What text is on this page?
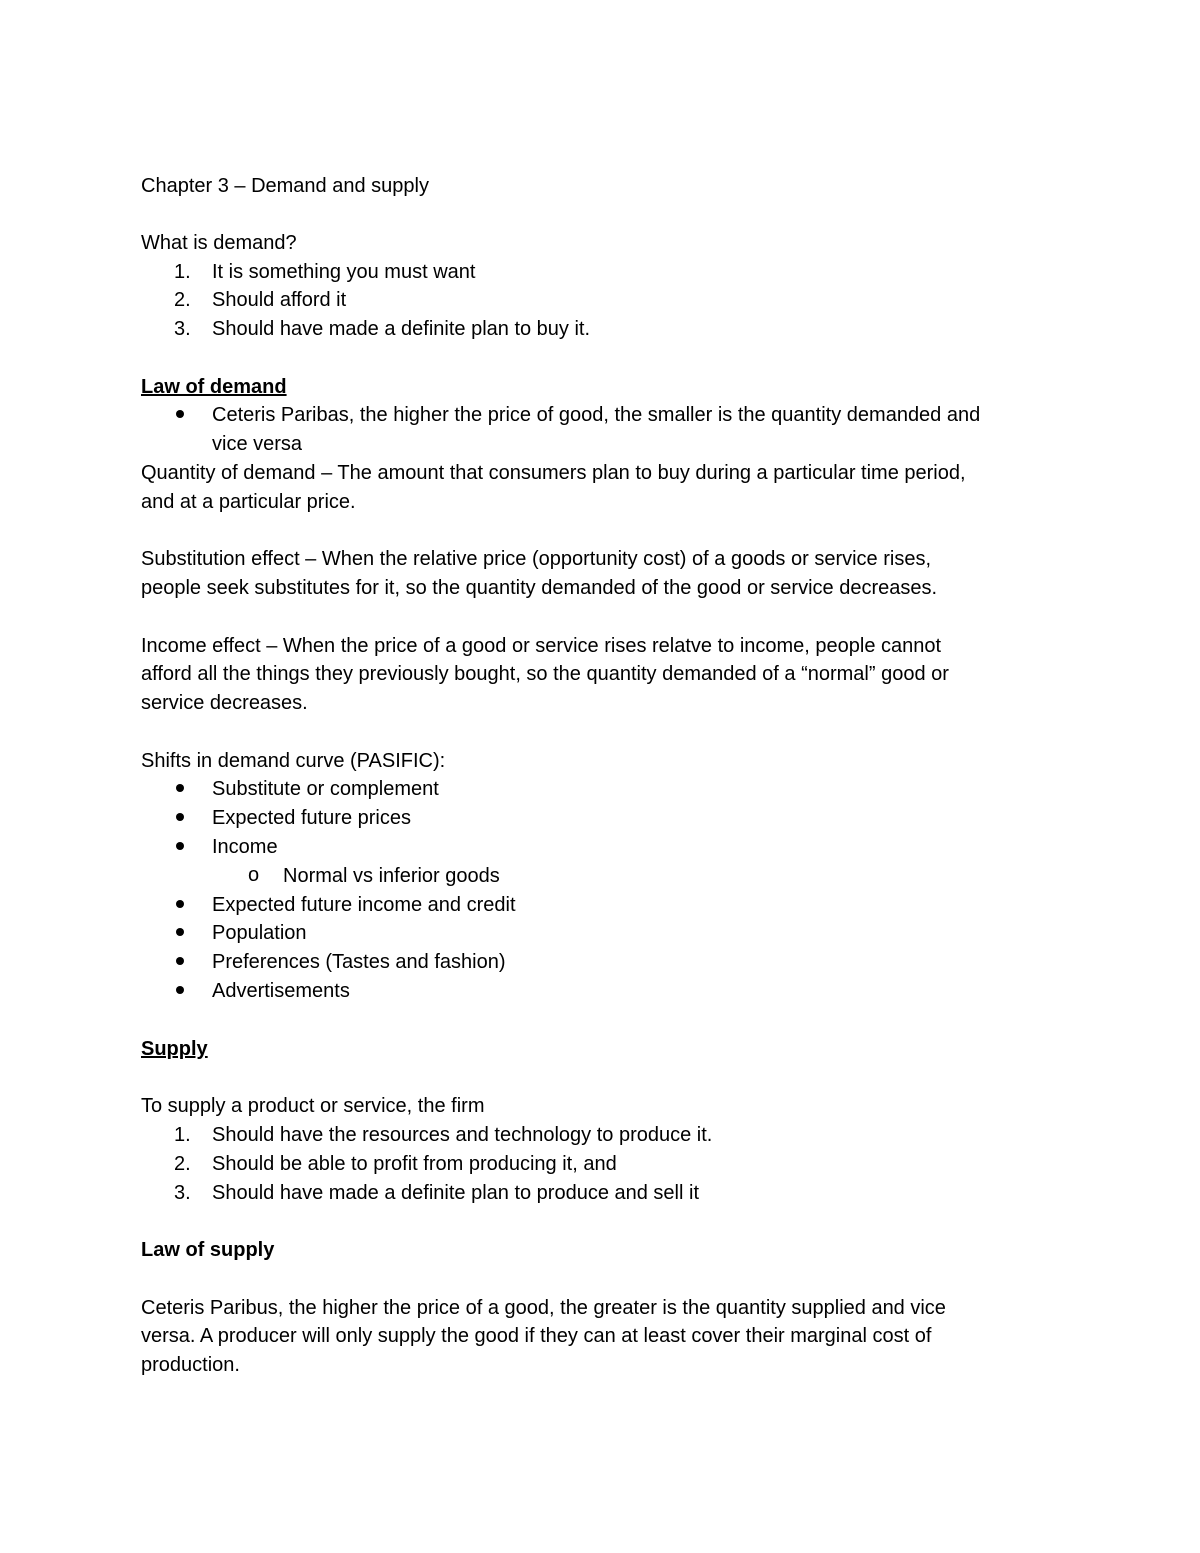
Chapter 3 – Demand and supply
What is demand?
1. It is something you must want
2. Should afford it
3. Should have made a definite plan to buy it.
Law of demand
Ceteris Paribas, the higher the price of good, the smaller is the quantity demanded and
vice versa
Quantity of demand – The amount that consumers plan to buy during a particular time period,
and at a particular price.
Substitution effect – When the relative price (opportunity cost) of a goods or service rises,
people seek substitutes for it, so the quantity demanded of the good or service decreases.
Income effect – When the price of a good or service rises relatve to income, people cannot
afford all the things they previously bought, so the quantity demanded of a “normal” good or
service decreases.
Shifts in demand curve (PASIFIC):
Substitute or complement
Expected future prices
Income
o Normal vs inferior goods
Expected future income and credit
Population
Preferences (Tastes and fashion)
Advertisements
Supply
To supply a product or service, the firm
1. Should have the resources and technology to produce it.
2. Should be able to profit from producing it, and
3. Should have made a definite plan to produce and sell it
Law of supply
Ceteris Paribus, the higher the price of a good, the greater is the quantity supplied and vice
versa. A producer will only supply the good if they can at least cover their marginal cost of
production.
